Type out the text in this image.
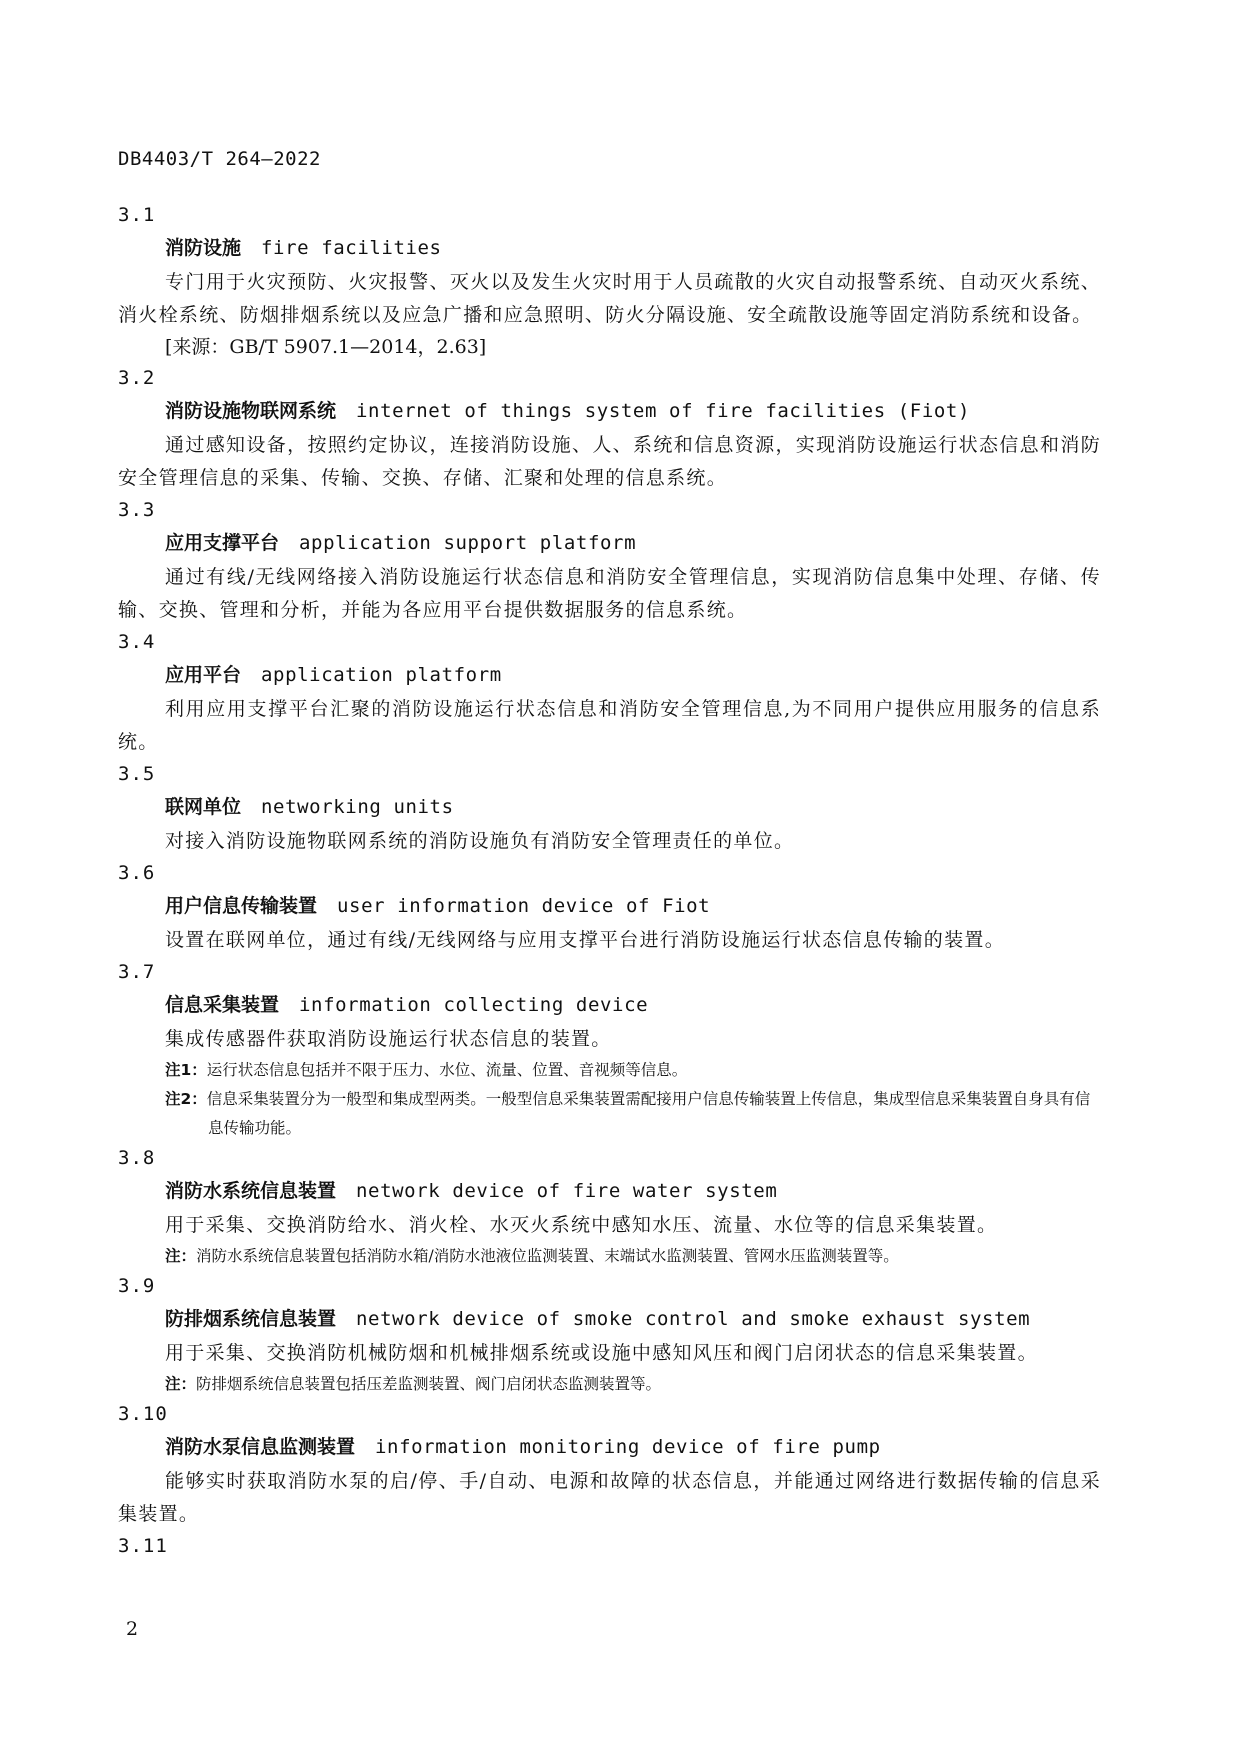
DB4403/T 264—2022
3.1
消防设施 fire facilities
专门用于火灾预防、火灾报警、灭火以及发生火灾时用于人员疏散的火灾自动报警系统、自动灭火系统、消火栓系统、防烟排烟系统以及应急广播和应急照明、防火分隔设施、安全疏散设施等固定消防系统和设备。
[来源：GB/T 5907.1—2014，2.63]
3.2
消防设施物联网系统 internet of things system of fire facilities (Fiot)
通过感知设备，按照约定协议，连接消防设施、人、系统和信息资源，实现消防设施运行状态信息和消防安全管理信息的采集、传输、交换、存储、汇聚和处理的信息系统。
3.3
应用支撑平台 application support platform
通过有线/无线网络接入消防设施运行状态信息和消防安全管理信息，实现消防信息集中处理、存储、传输、交换、管理和分析，并能为各应用平台提供数据服务的信息系统。
3.4
应用平台 application platform
利用应用支撑平台汇聚的消防设施运行状态信息和消防安全管理信息,为不同用户提供应用服务的信息系统。
3.5
联网单位 networking units
对接入消防设施物联网系统的消防设施负有消防安全管理责任的单位。
3.6
用户信息传输装置 user information device of Fiot
设置在联网单位，通过有线/无线网络与应用支撑平台进行消防设施运行状态信息传输的装置。
3.7
信息采集装置 information collecting device
集成传感器件获取消防设施运行状态信息的装置。
注1：运行状态信息包括并不限于压力、水位、流量、位置、音视频等信息。
注2：信息采集装置分为一般型和集成型两类。一般型信息采集装置需配接用户信息传输装置上传信息，集成型信息采集装置自身具有信息传输功能。
3.8
消防水系统信息装置 network device of fire water system
用于采集、交换消防给水、消火栓、水灭火系统中感知水压、流量、水位等的信息采集装置。
注：消防水系统信息装置包括消防水箱/消防水池液位监测装置、末端试水监测装置、管网水压监测装置等。
3.9
防排烟系统信息装置 network device of smoke control and smoke exhaust system
用于采集、交换消防机械防烟和机械排烟系统或设施中感知风压和阀门启闭状态的信息采集装置。
注：防排烟系统信息装置包括压差监测装置、阀门启闭状态监测装置等。
3.10
消防水泵信息监测装置 information monitoring device of fire pump
能够实时获取消防水泵的启/停、手/自动、电源和故障的状态信息，并能通过网络进行数据传输的信息采集装置。
3.11
2
